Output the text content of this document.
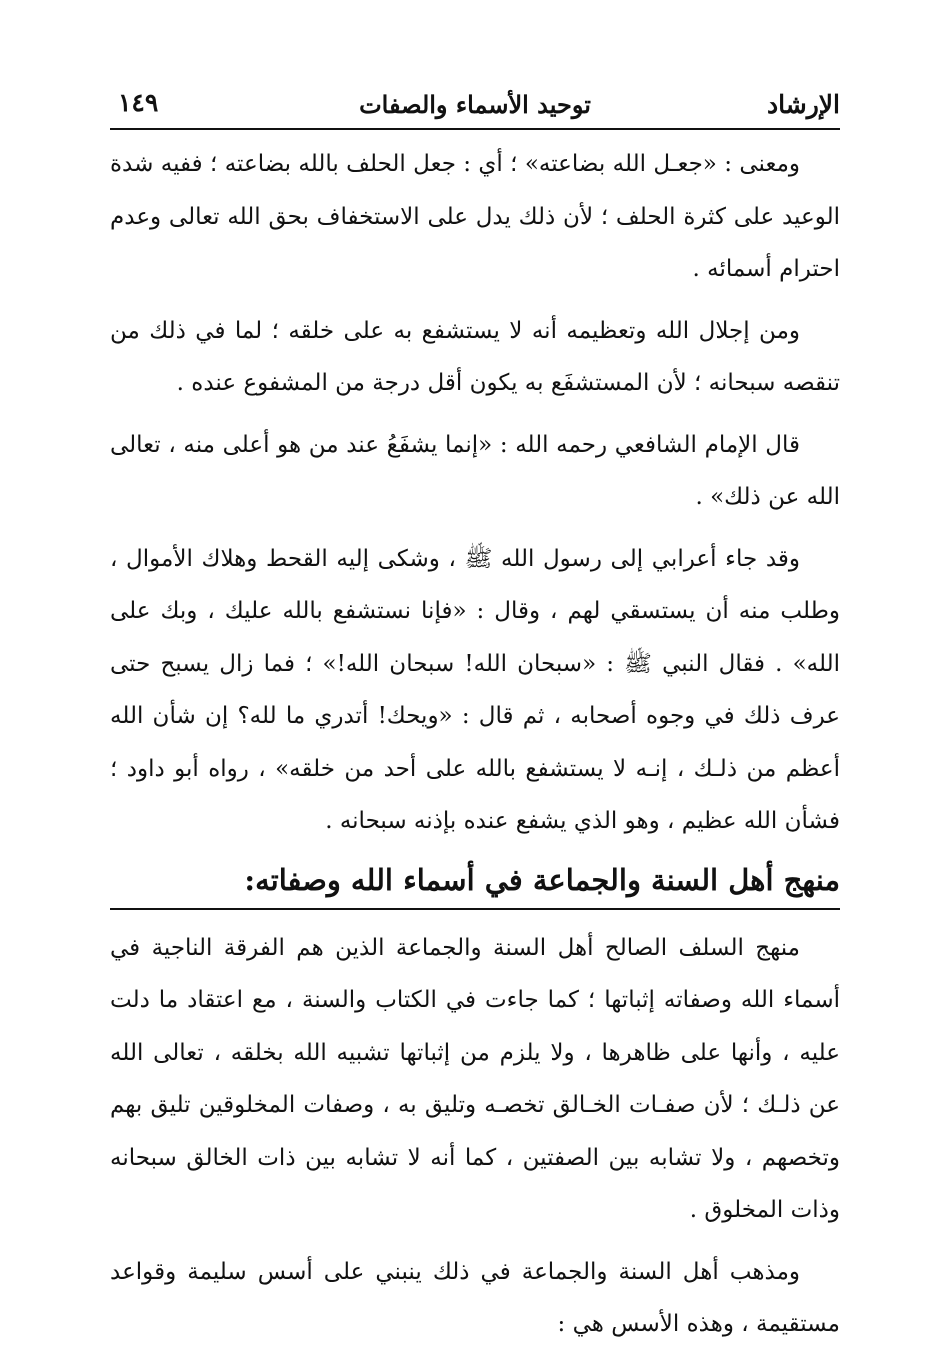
الإرشاد
توحيد الأسماء والصفات
١٤٩

ومعنى : «جعـل الله بضاعته» ؛ أي : جعل الحلف بالله بضاعته ؛ ففيه شدة الوعيد على كثرة الحلف ؛ لأن ذلك يدل على الاستخفاف بحق الله تعالى وعدم احترام أسمائه .

ومن إجلال الله وتعظيمه أنه لا يستشفع به على خلقه ؛ لما في ذلك من تنقصه سبحانه ؛ لأن المستشفَع به يكون أقل درجة من المشفوع عنده .

قال الإمام الشافعي رحمه الله : «إنما يشفَعُ عند من هو أعلى منه ، تعالى الله عن ذلك» .

وقد جاء أعرابي إلى رسول الله ﷺ ، وشكى إليه القحط وهلاك الأموال ، وطلب منه أن يستسقي لهم ، وقال : «فإنا نستشفع بالله عليك ، وبك على الله» . فقال النبي ﷺ : «سبحان الله! سبحان الله!» ؛ فما زال يسبح حتى عرف ذلك في وجوه أصحابه ، ثم قال : «ويحك! أتدري ما لله؟ إن شأن الله أعظم من ذلـك ، إنـه لا يستشفع بالله على أحد من خلقه» ، رواه أبو داود ؛ فشأن الله عظيم ، وهو الذي يشفع عنده بإذنه سبحانه .

منهج أهل السنة والجماعة في أسماء الله وصفاته:

منهج السلف الصالح أهل السنة والجماعة الذين هم الفرقة الناجية في أسماء الله وصفاته إثباتها ؛ كما جاءت في الكتاب والسنة ، مع اعتقاد ما دلت عليه ، وأنها على ظاهرها ، ولا يلزم من إثباتها تشبيه الله بخلقه ، تعالى الله عن ذلـك ؛ لأن صفـات الخـالق تخصـه وتليق به ، وصفات المخلوقين تليق بهم وتخصهم ، ولا تشابه بين الصفتين ، كما أنه لا تشابه بين ذات الخالق سبحانه وذات المخلوق .

ومذهب أهل السنة والجماعة في ذلك ينبني على أسس سليمة وقواعد مستقيمة ، وهذه الأسس هي :
